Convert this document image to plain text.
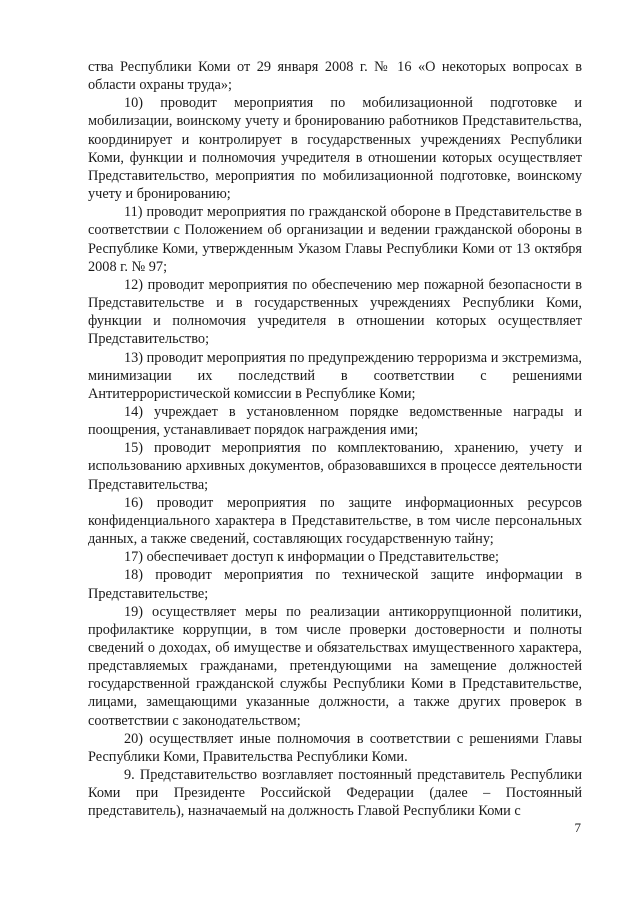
ства Республики Коми от 29 января 2008 г. № 16 «О некоторых вопросах в области охраны труда»;

10) проводит мероприятия по мобилизационной подготовке и мобилизации, воинскому учету и бронированию работников Представительства, координирует и контролирует в государственных учреждениях Республики Коми, функции и полномочия учредителя в отношении которых осуществляет Представительство, мероприятия по мобилизационной подготовке, воинскому учету и бронированию;

11) проводит мероприятия по гражданской обороне в Представительстве в соответствии с Положением об организации и ведении гражданской обороны в Республике Коми, утвержденным Указом Главы Республики Коми от 13 октября 2008 г. № 97;

12) проводит мероприятия по обеспечению мер пожарной безопасности в Представительстве и в государственных учреждениях Республики Коми, функции и полномочия учредителя в отношении которых осуществляет Представительство;

13) проводит мероприятия по предупреждению терроризма и экстремизма, минимизации их последствий в соответствии с решениями Антитеррористической комиссии в Республике Коми;

14) учреждает в установленном порядке ведомственные награды и поощрения, устанавливает порядок награждения ими;

15) проводит мероприятия по комплектованию, хранению, учету и использованию архивных документов, образовавшихся в процессе деятельности Представительства;

16) проводит мероприятия по защите информационных ресурсов конфиденциального характера в Представительстве, в том числе персональных данных, а также сведений, составляющих государственную тайну;

17) обеспечивает доступ к информации о Представительстве;

18) проводит мероприятия по технической защите информации в Представительстве;

19) осуществляет меры по реализации антикоррупционной политики, профилактике коррупции, в том числе проверки достоверности и полноты сведений о доходах, об имуществе и обязательствах имущественного характера, представляемых гражданами, претендующими на замещение должностей государственной гражданской службы Республики Коми в Представительстве, лицами, замещающими указанные должности, а также других проверок в соответствии с законодательством;

20) осуществляет иные полномочия в соответствии с решениями Главы Республики Коми, Правительства Республики Коми.

9. Представительство возглавляет постоянный представитель Республики Коми при Президенте Российской Федерации (далее – Постоянный представитель), назначаемый на должность Главой Республики Коми с

7
